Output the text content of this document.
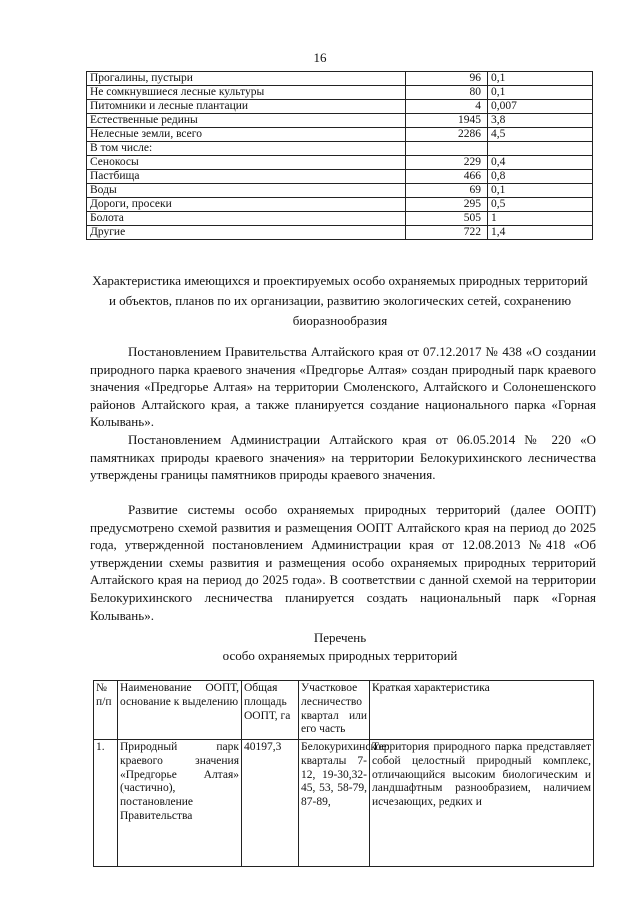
16
Прогалины, пустыри	96	0,1
Не сомкнувшиеся лесные культуры	80	0,1
Питомники и лесные плантации	4	0,007
Естественные редины	1945	3,8
Нелесные земли, всего	2286	4,5
В том числе:		
Сенокосы	229	0,4
Пастбища	466	0,8
Воды	69	0,1
Дороги, просеки	295	0,5
Болота	505	1
Другие	722	1,4
Характеристика имеющихся и проектируемых особо охраняемых природных территорий и объектов, планов по их организации, развитию экологических сетей, сохранению биоразнообразия

Постановлением Правительства Алтайского края от 07.12.2017 № 438 «О создании природного парка краевого значения «Предгорье Алтая» создан природный парк краевого значения «Предгорье Алтая» на территории Смоленского, Алтайского и Солонешенского районов Алтайского края, а также планируется создание национального парка «Горная Колывань».

Постановлением Администрации Алтайского края от 06.05.2014 № 220 «О памятниках природы краевого значения» на территории Белокурихинского лесничества утверждены границы памятников природы краевого значения.

Развитие системы особо охраняемых природных территорий (далее ООПТ) предусмотрено схемой развития и размещения ООПТ Алтайского края на период до 2025 года, утвержденной постановлением Администрации края от 12.08.2013 №418 «Об утверждении схемы развития и размещения особо охраняемых природных территорий Алтайского края на период до 2025 года». В соответствии с данной схемой на территории Белокурихинского лесничества планируется создать национальный парк «Горная Колывань».

Перечень
особо охраняемых природных территорий
№ п/п	Наименование ООПТ, основание к выделению	Общая площадь ООПТ, га	Участковое лесничество квартал или его часть	Краткая характеристика

1.	Природный парк краевого значения «Предгорье Алтая» (частично), постановление Правительства	40197,3	Белокурихинское: кварталы 7-12, 19-30,32-45, 53, 58-79, 87-89,	Территория природного парка представляет собой целостный природный комплекс, отличающийся высоким биологическим и ландшафтным разнообразием, наличием исчезающих, редких и
